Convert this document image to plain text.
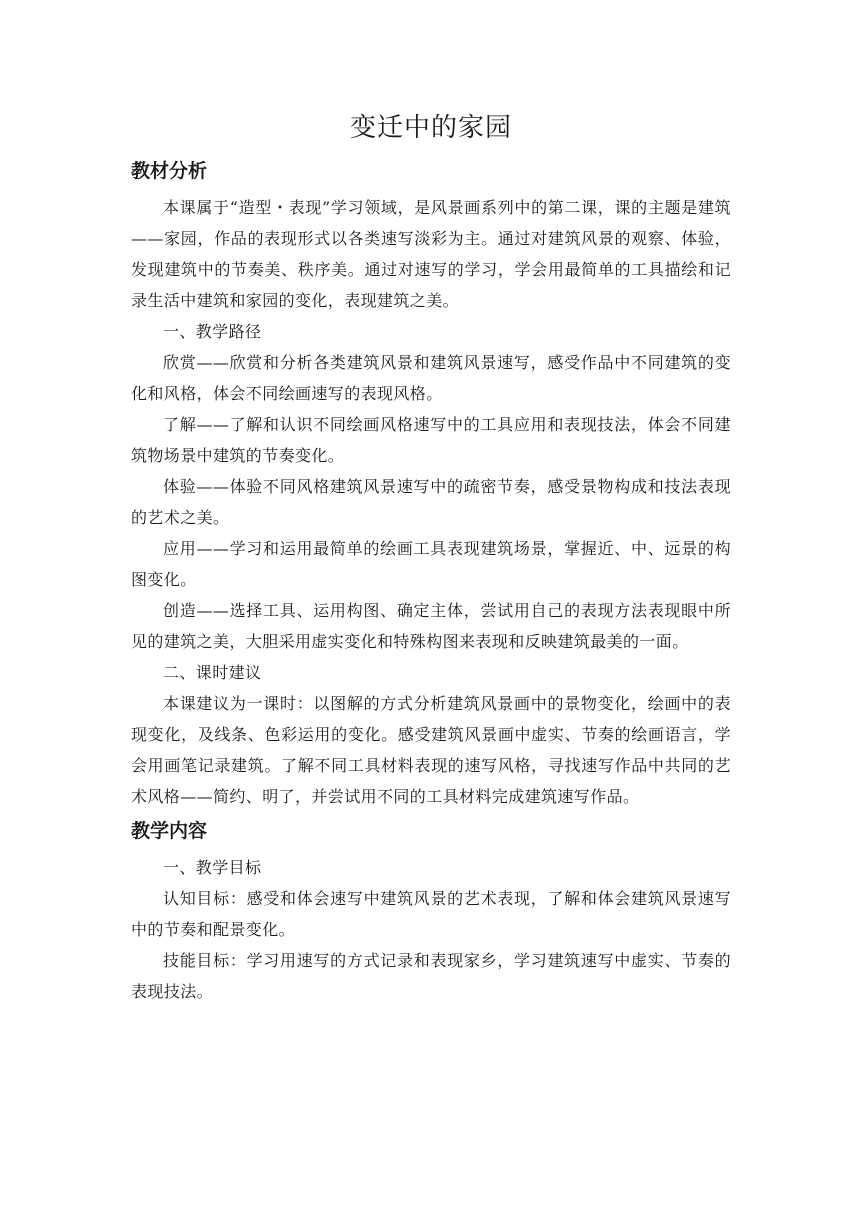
变迁中的家园
教材分析

本课属于“造型・表现”学习领域，是风景画系列中的第二课，课的主题是建筑——家园，作品的表现形式以各类速写淡彩为主。通过对建筑风景的观察、体验，发现建筑中的节奏美、秩序美。通过对速写的学习，学会用最简单的工具描绘和记录生活中建筑和家园的变化，表现建筑之美。

一、教学路径

欣赏——欣赏和分析各类建筑风景和建筑风景速写，感受作品中不同建筑的变化和风格，体会不同绘画速写的表现风格。

了解——了解和认识不同绘画风格速写中的工具应用和表现技法，体会不同建筑物场景中建筑的节奏变化。

体验——体验不同风格建筑风景速写中的疏密节奏，感受景物构成和技法表现的艺术之美。

应用——学习和运用最简单的绘画工具表现建筑场景，掌握近、中、远景的构图变化。

创造——选择工具、运用构图、确定主体，尝试用自己的表现方法表现眼中所见的建筑之美，大胆采用虚实变化和特殊构图来表现和反映建筑最美的一面。

二、课时建议

本课建议为一课时：以图解的方式分析建筑风景画中的景物变化，绘画中的表现变化，及线条、色彩运用的变化。感受建筑风景画中虚实、节奏的绘画语言，学会用画笔记录建筑。了解不同工具材料表现的速写风格，寻找速写作品中共同的艺术风格——简约、明了，并尝试用不同的工具材料完成建筑速写作品。

教学内容

一、教学目标

认知目标：感受和体会速写中建筑风景的艺术表现，了解和体会建筑风景速写中的节奏和配景变化。

技能目标：学习用速写的方式记录和表现家乡，学习建筑速写中虚实、节奏的表现技法。
